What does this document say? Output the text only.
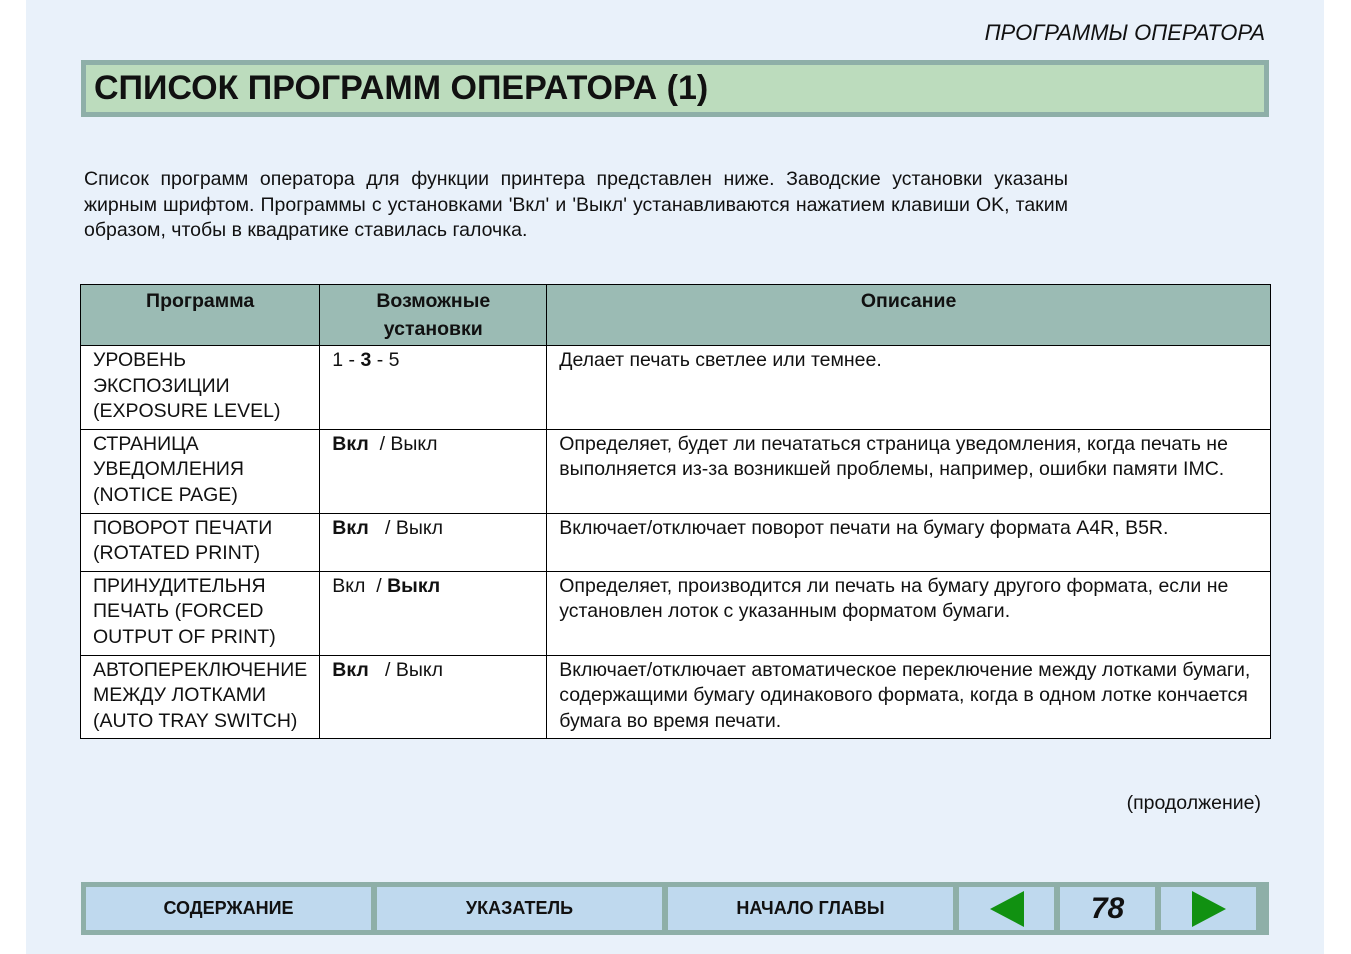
ПРОГРАММЫ ОПЕРАТОРА
СПИСОК ПРОГРАММ ОПЕРАТОРА (1)
Список программ оператора для функции принтера представлен ниже. Заводские установки указаны жирным шрифтом. Программы с установками 'Вкл' и 'Выкл' устанавливаются нажатием клавиши OK, таким образом, чтобы в квадратике ставилась галочка.
Программа	Возможные установки	Описание
УРОВЕНЬ ЭКСПОЗИЦИИ (EXPOSURE LEVEL)	1 - 3 - 5	Делает печать светлее или темнее.
СТРАНИЦА УВЕДОМЛЕНИЯ (NOTICE PAGE)	Вкл  / Выкл	Определяет, будет ли печататься страница уведомления, когда печать не выполняется из-за возникшей проблемы, например, ошибки памяти IMC.
ПОВОРОТ ПЕЧАТИ (ROTATED PRINT)	Вкл   / Выкл	Включает/отключает поворот печати на бумагу формата A4R, B5R.
ПРИНУДИТЕЛЬНЯ ПЕЧАТЬ (FORCED OUTPUT OF PRINT)	Вкл  / Выкл	Определяет, производится ли печать на бумагу другого формата, если не установлен лоток с указанным форматом бумаги.
АВТОПЕРЕКЛЮЧЕНИЕ МЕЖДУ ЛОТКАМИ (AUTO TRAY SWITCH)	Вкл   / Выкл	Включает/отключает автоматическое переключение между лотками бумаги, содержащими бумагу одинакового формата, когда в одном лотке кончается бумага во время печати.
(продолжение)
СОДЕРЖАНИЕ	УКАЗАТЕЛЬ	НАЧАЛО ГЛАВЫ	78
